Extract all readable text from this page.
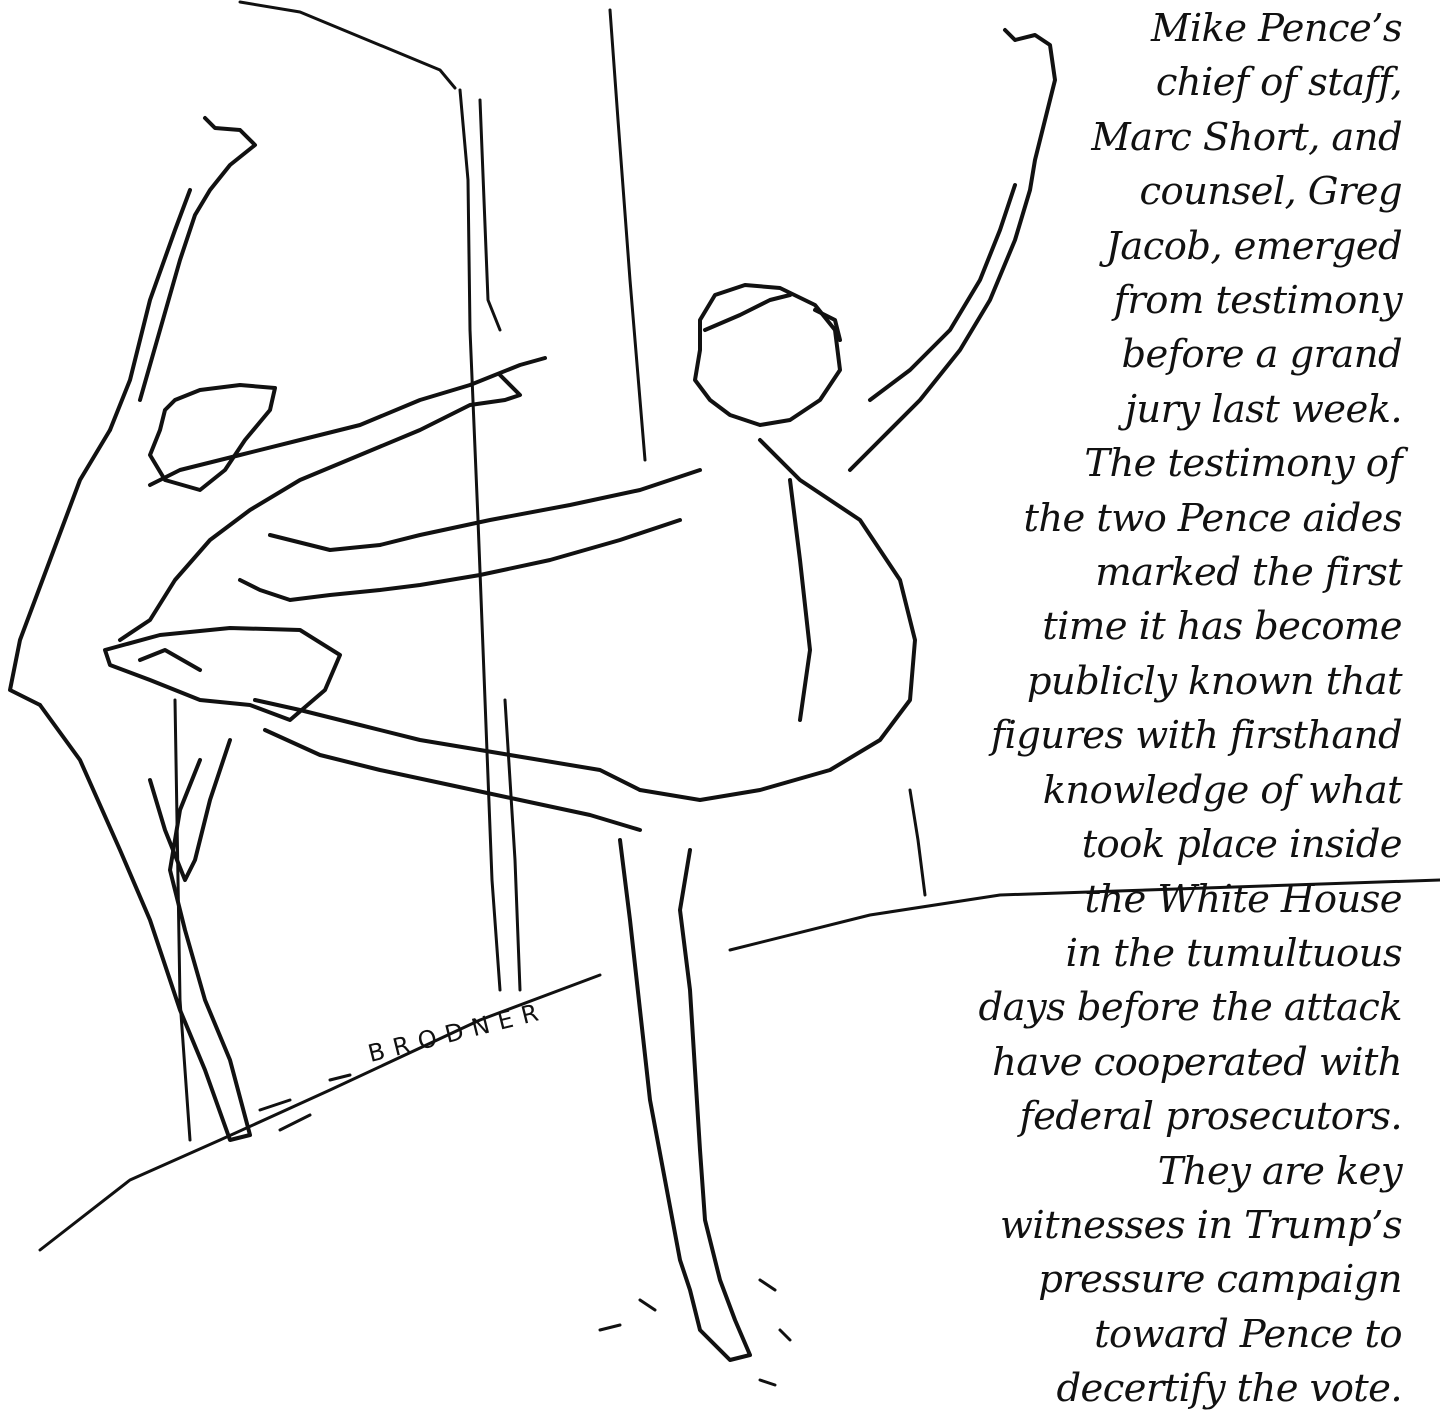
BRODNER
Mike Pence’s
chief of staff,
Marc Short, and
counsel, Greg
Jacob, emerged
from testimony
before a grand
jury last week.
The testimony of
the two Pence aides
marked the first
time it has become
publicly known that
figures with firsthand
knowledge of what
took place inside
the White House
in the tumultuous
days before the attack
have cooperated with
federal prosecutors.
They are key
witnesses in Trump’s
pressure campaign
toward Pence to
decertify the vote.
